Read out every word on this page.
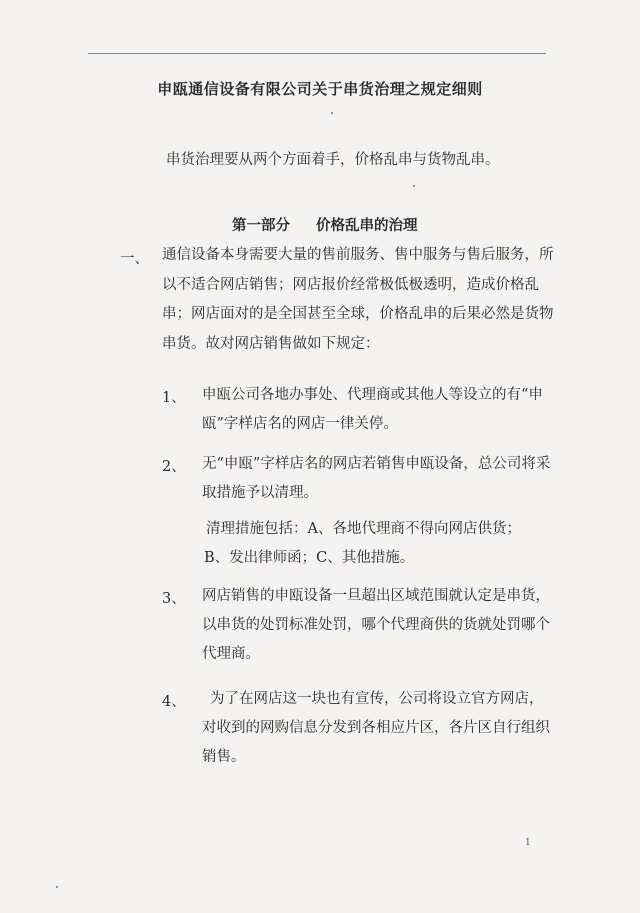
申瓯通信设备有限公司关于串货治理之规定细则
串货治理要从两个方面着手，价格乱串与货物乱串。
第一部分 价格乱串的治理
一、 通信设备本身需要大量的售前服务、售中服务与售后服务，所以不适合网店销售；网店报价经常极低极透明，造成价格乱串；网店面对的是全国甚至全球，价格乱串的后果必然是货物串货。故对网店销售做如下规定：
1、 申瓯公司各地办事处、代理商或其他人等设立的有“申瓯”字样店名的网店一律关停。
2、 无“申瓯”字样店名的网店若销售申瓯设备，总公司将采取措施予以清理。
清理措施包括：A、各地代理商不得向网店供货；B、发出律师函；C、其他措施。
3、 网店销售的申瓯设备一旦超出区域范围就认定是串货，以串货的处罚标准处罚，哪个代理商供的货就处罚哪个代理商。
4、	为了在网店这一块也有宣传，公司将设立官方网店，对收到的网购信息分发到各相应片区，各片区自行组织销售。
1
